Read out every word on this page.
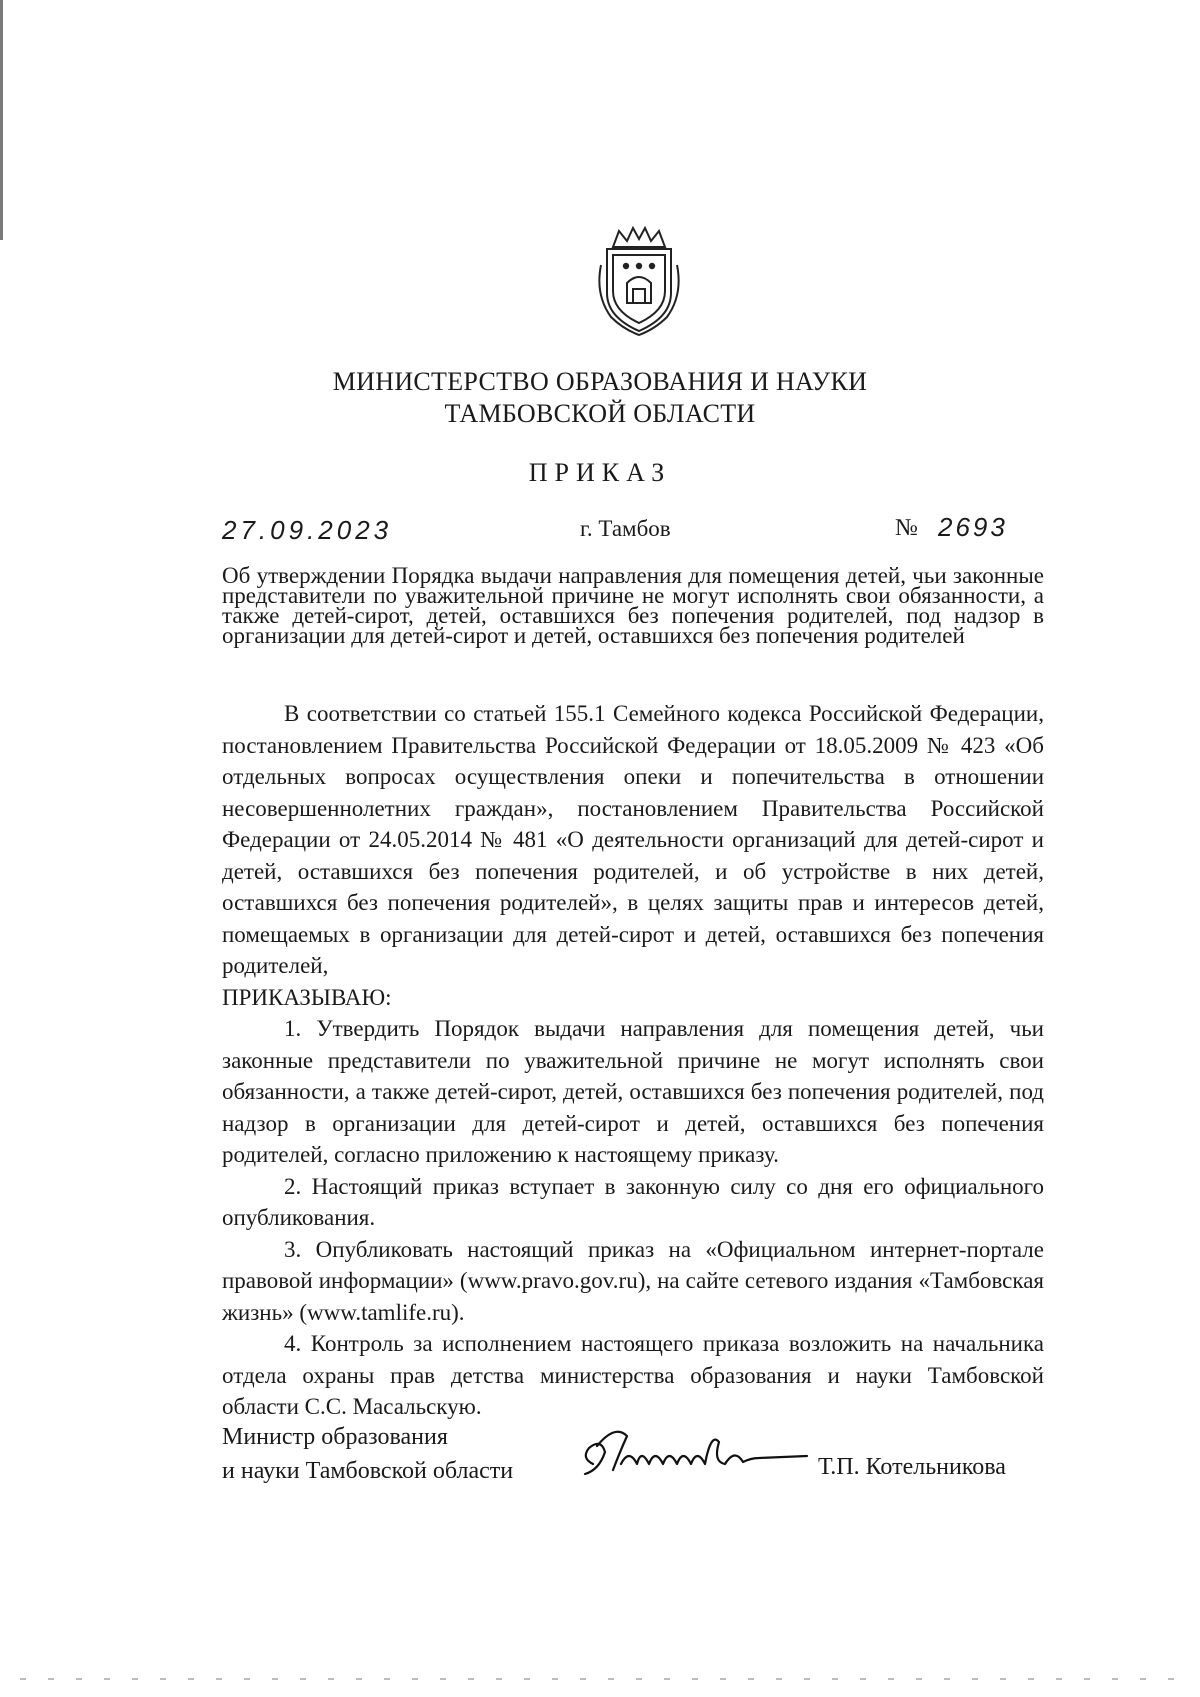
МИНИСТЕРСТВО ОБРАЗОВАНИЯ И НАУКИ
ТАМБОВСКОЙ ОБЛАСТИ
ПРИКАЗ
27.09.2023	г. Тамбов	№ 2693
Об утверждении Порядка выдачи направления для помещения детей, чьи законные представители по уважительной причине не могут исполнять свои обязанности, а также детей-сирот, детей, оставшихся без попечения родителей, под надзор в организации для детей-сирот и детей, оставшихся без попечения родителей

В соответствии со статьей 155.1 Семейного кодекса Российской Федерации, постановлением Правительства Российской Федерации от 18.05.2009 № 423 «Об отдельных вопросах осуществления опеки и попечительства в отношении несовершеннолетних граждан», постановлением Правительства Российской Федерации от 24.05.2014 № 481 «О деятельности организаций для детей-сирот и детей, оставшихся без попечения родителей, и об устройстве в них детей, оставшихся без попечения родителей», в целях защиты прав и интересов детей, помещаемых в организации для детей-сирот и детей, оставшихся без попечения родителей,

ПРИКАЗЫВАЮ:

1. Утвердить Порядок выдачи направления для помещения детей, чьи законные представители по уважительной причине не могут исполнять свои обязанности, а также детей-сирот, детей, оставшихся без попечения родителей, под надзор в организации для детей-сирот и детей, оставшихся без попечения родителей, согласно приложению к настоящему приказу.

2. Настоящий приказ вступает в законную силу со дня его официального опубликования.

3. Опубликовать настоящий приказ на «Официальном интернет-портале правовой информации» (www.pravo.gov.ru), на сайте сетевого издания «Тамбовская жизнь» (www.tamlife.ru).

4. Контроль за исполнением настоящего приказа возложить на начальника отдела охраны прав детства министерства образования и науки Тамбовской области С.С. Масальскую.

Министр образования
и науки Тамбовской области	Т.П. Котельникова
